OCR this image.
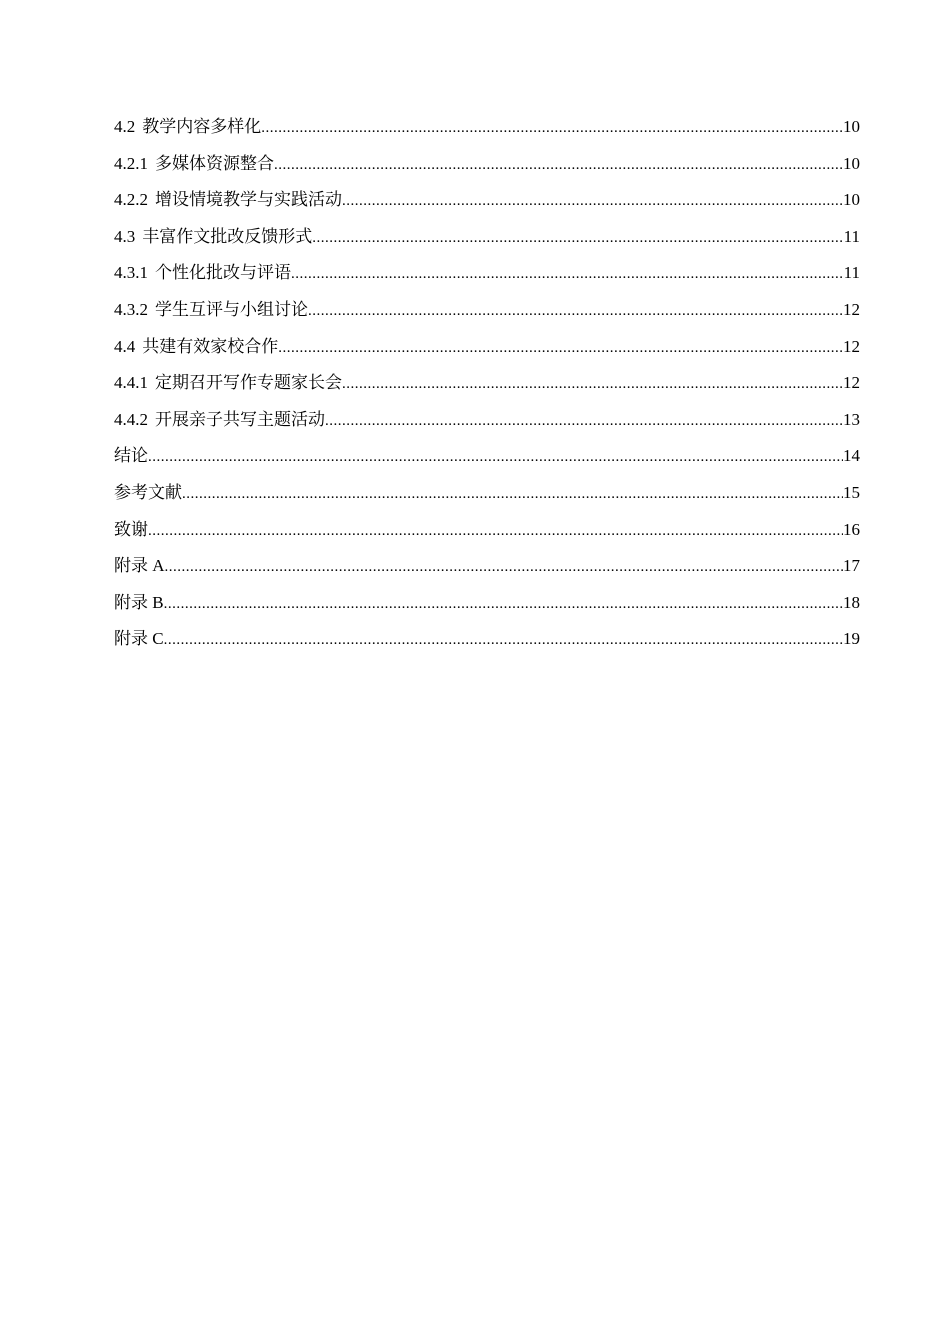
4.2 教学内容多样化 .....	10
4.2.1 多媒体资源整合 .....	10
4.2.2 增设情境教学与实践活动 .....	10
4.3 丰富作文批改反馈形式 .....	11
4.3.1 个性化批改与评语 .....	11
4.3.2 学生互评与小组讨论 .....	12
4.4 共建有效家校合作 .....	12
4.4.1 定期召开写作专题家长会 .....	12
4.4.2 开展亲子共写主题活动 .....	13
结论 .....	14
参考文献 .....	15
致谢 .....	16
附录 A .....	17
附录 B .....	18
附录 C .....	19
